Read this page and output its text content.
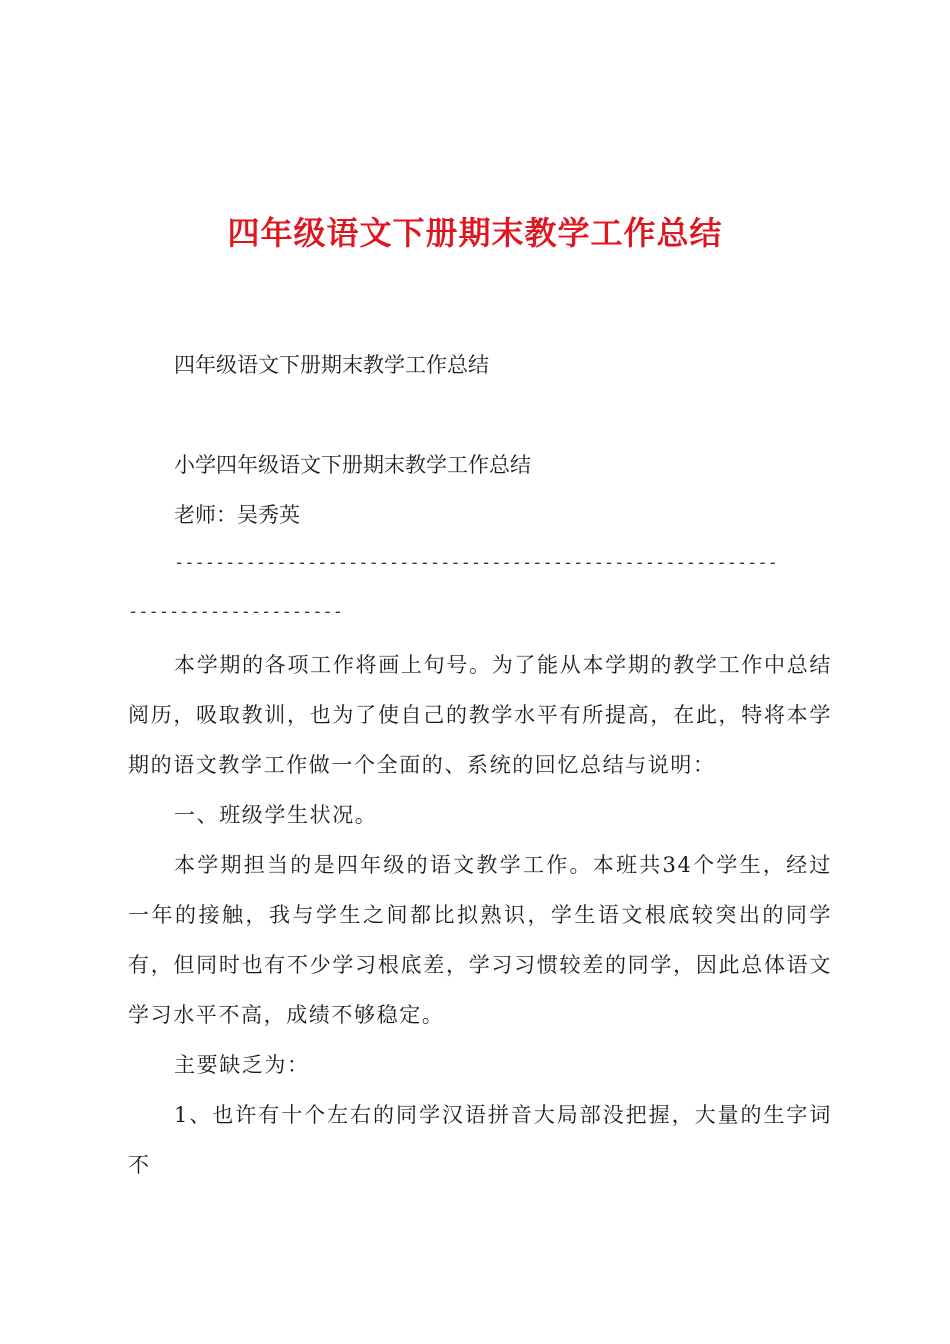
四年级语文下册期末教学工作总结
四年级语文下册期末教学工作总结
小学四年级语文下册期末教学工作总结
老师：吴秀英
-----------------------------------------------------------
---------------------
本学期的各项工作将画上句号。为了能从本学期的教学工作中总结阅历，吸取教训，也为了使自己的教学水平有所提高，在此，特将本学期的语文教学工作做一个全面的、系统的回忆总结与说明：
一、班级学生状况。
本学期担当的是四年级的语文教学工作。本班共34个学生，经过一年的接触，我与学生之间都比拟熟识，学生语文根底较突出的同学有，但同时也有不少学习根底差，学习习惯较差的同学，因此总体语文学习水平不高，成绩不够稳定。
主要缺乏为：
1、也许有十个左右的同学汉语拼音大局部没把握，大量的生字词不
